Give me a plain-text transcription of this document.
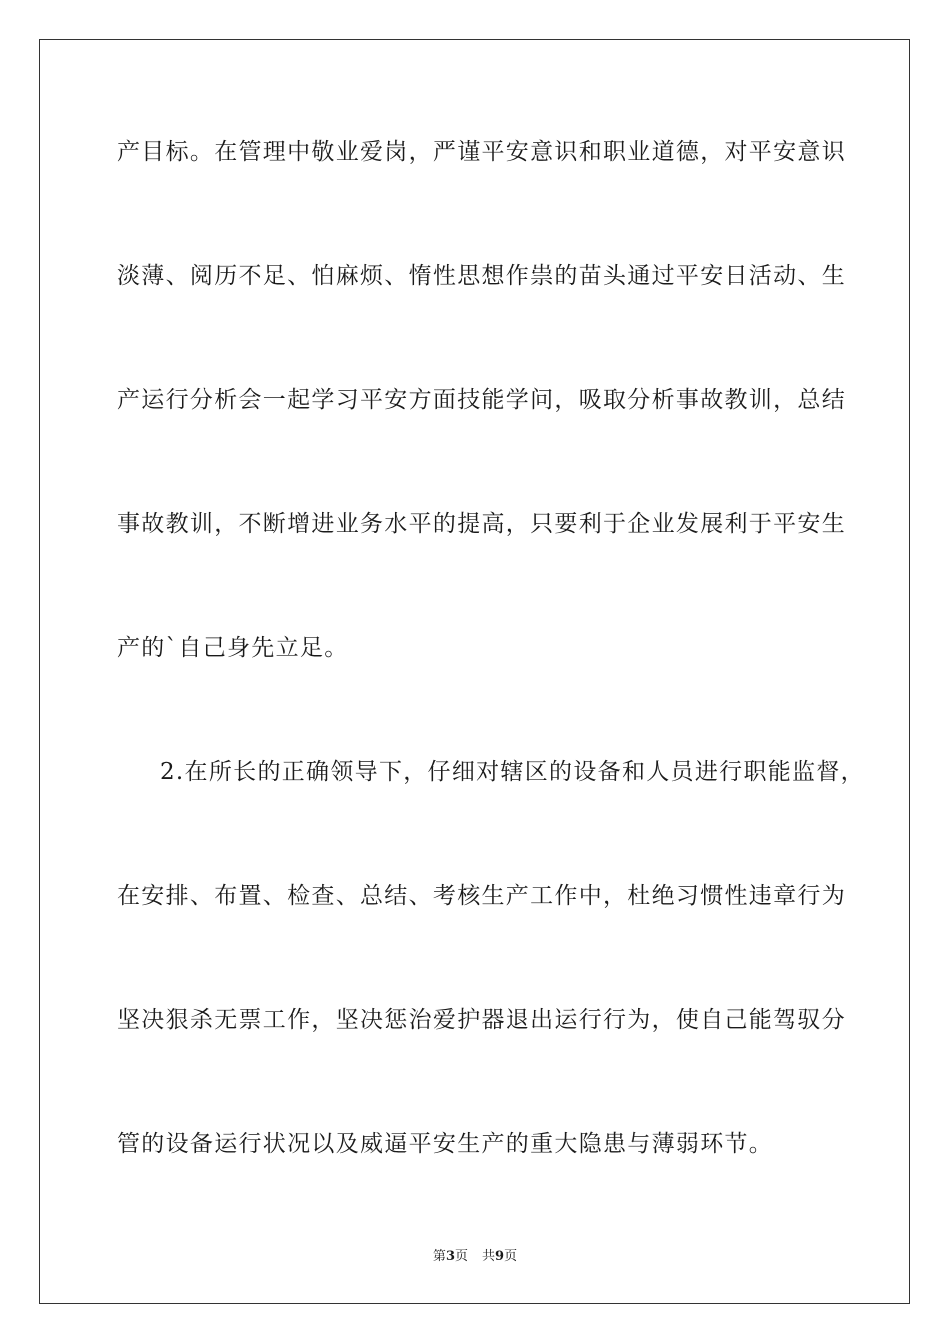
产目标。在管理中敬业爱岗，严谨平安意识和职业道德，对平安意识
淡薄、阅历不足、怕麻烦、惰性思想作祟的苗头通过平安日活动、生
产运行分析会一起学习平安方面技能学问，吸取分析事故教训，总结
事故教训，不断增进业务水平的提高，只要利于企业发展利于平安生
产的`自己身先立足。
2.在所长的正确领导下，仔细对辖区的设备和人员进行职能监督，
在安排、布置、检查、总结、考核生产工作中，杜绝习惯性违章行为
坚决狠杀无票工作，坚决惩治爱护器退出运行行为，使自己能驾驭分
管的设备运行状况以及威逼平安生产的重大隐患与薄弱环节。
第3页 共9页
